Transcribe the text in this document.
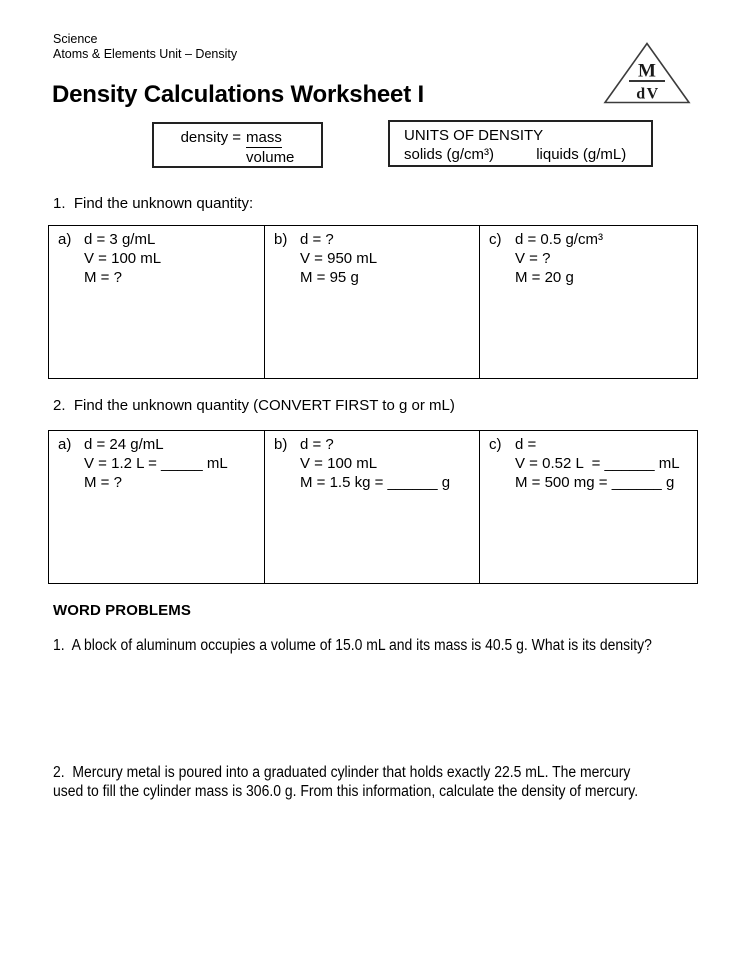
Science
Atoms & Elements Unit – Density
M
dV
Density Calculations Worksheet I
density = $\frac{\text{mass}}{\text{volume}}$	UNITS OF DENSITY
solids (g/cm³)	liquids (g/mL)
1.  Find the unknown quantity:
a) d = 3 g/mL
V = 100 mL
M = ?
b) d = ?
V = 950 mL
M = 95 g
c) d = 0.5 g/cm³
V = ?
M = 20 g
2.  Find the unknown quantity (CONVERT FIRST to g or mL)
a) d = 24 g/mL
V = 1.2 L = _____ mL
M = ?
b) d = ?
V = 100 mL
M = 1.5 kg = ______ g
c) d =
V = 0.52 L  = ______ mL
M = 500 mg = ______ g
WORD PROBLEMS
1.  A block of aluminum occupies a volume of 15.0 mL and its mass is 40.5 g. What is its density?
2.  Mercury metal is poured into a graduated cylinder that holds exactly 22.5 mL. The mercury
used to fill the cylinder mass is 306.0 g. From this information, calculate the density of mercury.
